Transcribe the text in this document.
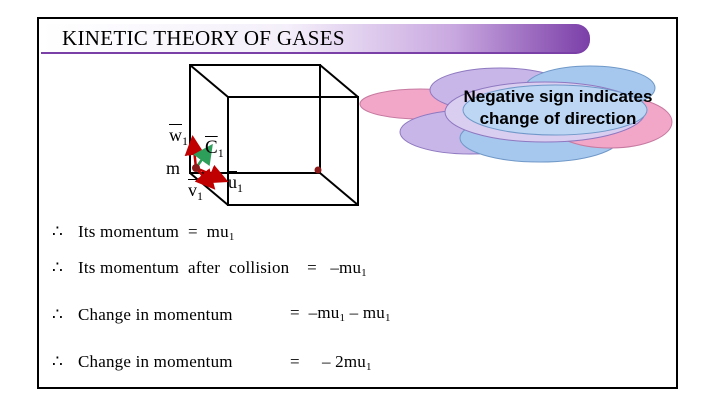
KINETIC THEORY OF GASES
$\overline{w}_1$ $\overline{C}_1$
m
$\overline{v}_1$
$\overline{u}_1$
Negative sign indicates
change of direction
∴ Its momentum  =  $mu_1$
∴ Its momentum  after  collision    =   $-mu_1$
∴ Change in momentum	=  $-mu_1 - mu_1$
∴ Change in momentum	=     – $2mu_1$
